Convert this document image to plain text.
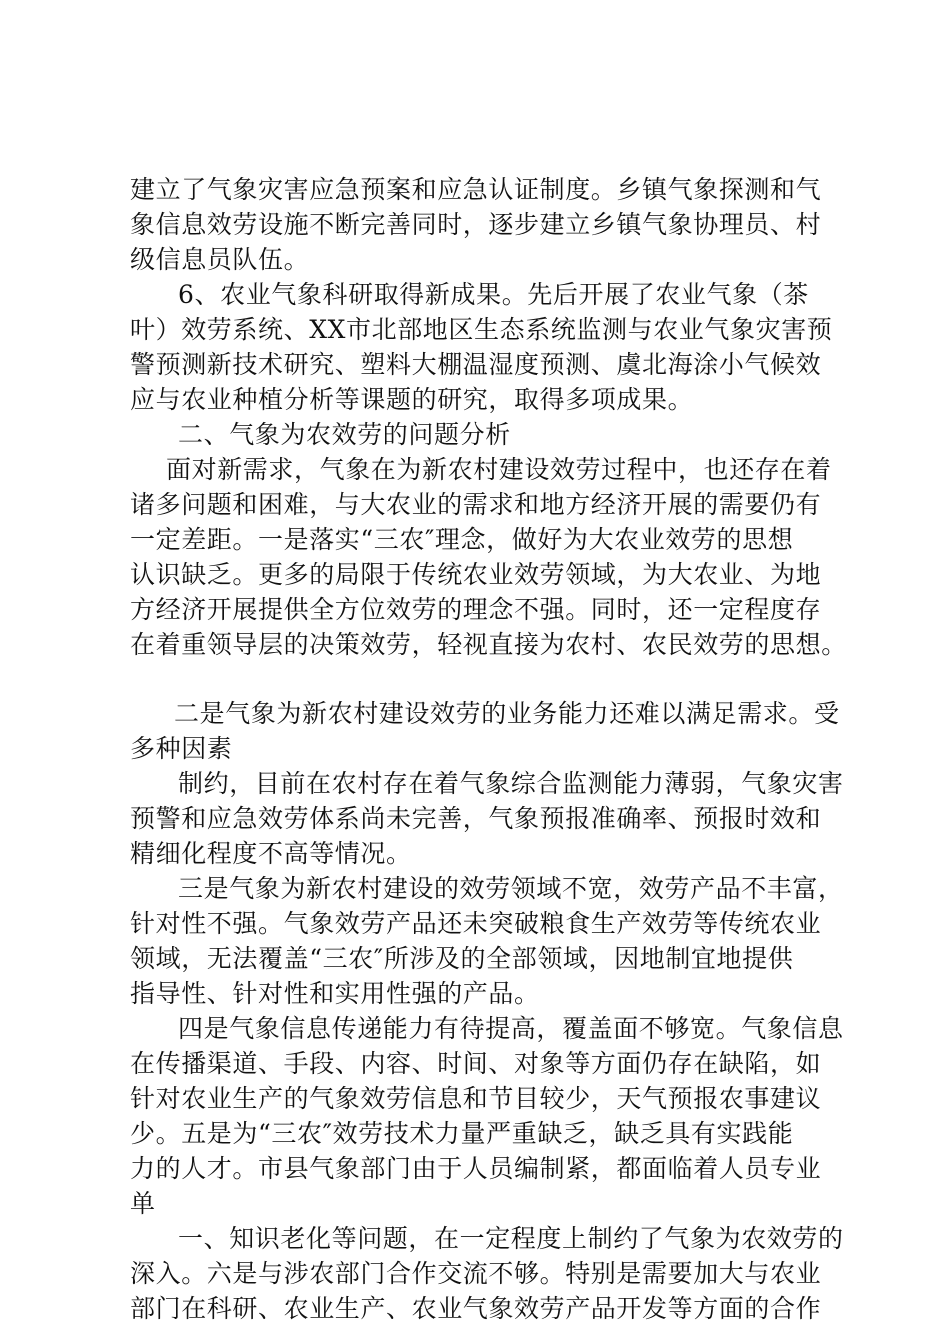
建立了气象灾害应急预案和应急认证制度。乡镇气象探测和气
象信息效劳设施不断完善同时，逐步建立乡镇气象协理员、村
级信息员队伍。
6、农业气象科研取得新成果。先后开展了农业气象（茶
叶）效劳系统、XX市北部地区生态系统监测与农业气象灾害预
警预测新技术研究、塑料大棚温湿度预测、虞北海涂小气候效
应与农业种植分析等课题的研究，取得多项成果。
二、气象为农效劳的问题分析
面对新需求，气象在为新农村建设效劳过程中，也还存在着
诸多问题和困难，与大农业的需求和地方经济开展的需要仍有
一定差距。一是落实“三农″理念，做好为大农业效劳的思想
认识缺乏。更多的局限于传统农业效劳领域，为大农业、为地
方经济开展提供全方位效劳的理念不强。同时，还一定程度存
在着重领导层的决策效劳，轻视直接为农村、农民效劳的思想。
二是气象为新农村建设效劳的业务能力还难以满足需求。受
多种因素
制约，目前在农村存在着气象综合监测能力薄弱，气象灾害
预警和应急效劳体系尚未完善，气象预报准确率、预报时效和
精细化程度不高等情况。
三是气象为新农村建设的效劳领域不宽，效劳产品不丰富，
针对性不强。气象效劳产品还未突破粮食生产效劳等传统农业
领域，无法覆盖“三农″所涉及的全部领域，因地制宜地提供
指导性、针对性和实用性强的产品。
四是气象信息传递能力有待提高，覆盖面不够宽。气象信息
在传播渠道、手段、内容、时间、对象等方面仍存在缺陷，如
针对农业生产的气象效劳信息和节目较少，天气预报农事建议
少。五是为“三农″效劳技术力量严重缺乏，缺乏具有实践能
力的人才。市县气象部门由于人员编制紧，都面临着人员专业
单
一、知识老化等问题，在一定程度上制约了气象为农效劳的
深入。六是与涉农部门合作交流不够。特别是需要加大与农业
部门在科研、农业生产、农业气象效劳产品开发等方面的合作
